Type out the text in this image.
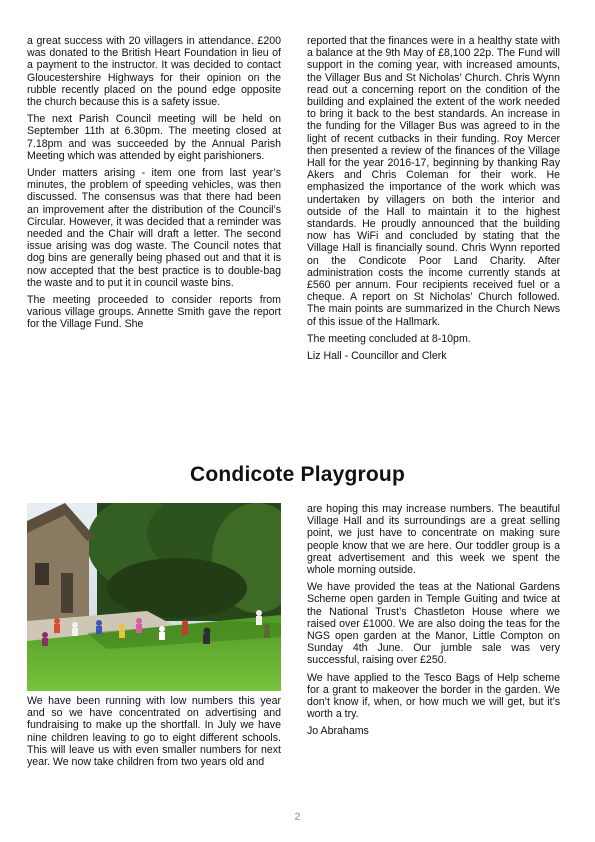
a great success with 20 villagers in attendance. £200 was donated to the British Heart Foundation in lieu of a payment to the instructor. It was decided to contact Gloucestershire Highways for their opinion on the rubble recently placed on the pound edge opposite the church because this is a safety issue.

The next Parish Council meeting will be held on September 11th at 6.30pm. The meeting closed at 7.18pm and was succeeded by the Annual Parish Meeting which was attended by eight parishioners.

Under matters arising - item one from last year’s minutes, the problem of speeding vehicles, was then discussed. The consensus was that there had been an improvement after the distribution of the Council’s Circular. However, it was decided that a reminder was needed and the Chair will draft a letter. The second issue arising was dog waste. The Council notes that dog bins are generally being phased out and that it is now accepted that the best practice is to double-bag the waste and to put it in council waste bins.

The meeting proceeded to consider reports from various village groups. Annette Smith gave the report for the Village Fund. She

reported that the finances were in a healthy state with a balance at the 9th May of £8,100 22p. The Fund will support in the coming year, with increased amounts, the Villager Bus and St Nicholas’ Church. Chris Wynn read out a concerning report on the condition of the building and explained the extent of the work needed to bring it back to the best standards. An increase in the funding for the Villager Bus was agreed to in the light of recent cutbacks in their funding. Roy Mercer then presented a review of the finances of the Village Hall for the year 2016-17, beginning by thanking Ray Akers and Chris Coleman for their work. He emphasized the importance of the work which was undertaken by villagers on both the interior and outside of the Hall to maintain it to the highest standards. He proudly announced that the building now has WiFi and concluded by stating that the Village Hall is financially sound. Chris Wynn reported on the Condicote Poor Land Charity. After administration costs the income currently stands at £560 per annum. Four recipients received fuel or a cheque. A report on St Nicholas’ Church followed. The main points are summarized in the Church News of this issue of the Hallmark.

The meeting concluded at 8-10pm.

Liz Hall - Councillor and Clerk

Condicote Playgroup

We have been running with low numbers this year and so we have concentrated on advertising and fundraising to make up the shortfall. In July we have nine children leaving to go to eight different schools. This will leave us with even smaller numbers for next year. We now take children from two years old and

are hoping this may increase numbers. The beautiful Village Hall and its surroundings are a great selling point, we just have to concentrate on making sure people know that we are here. Our toddler group is a great advertisement and this week we spent the whole morning outside.

We have provided the teas at the National Gardens Scheme open garden in Temple Guiting and twice at the National Trust’s Chastleton House where we raised over £1000. We are also doing the teas for the NGS open garden at the Manor, Little Compton on Sunday 4th June. Our jumble sale was very successful, raising over £250.

We have applied to the Tesco Bags of Help scheme for a grant to makeover the border in the garden. We don’t know if, when, or how much we will get, but it’s worth a try.

Jo Abrahams

2
